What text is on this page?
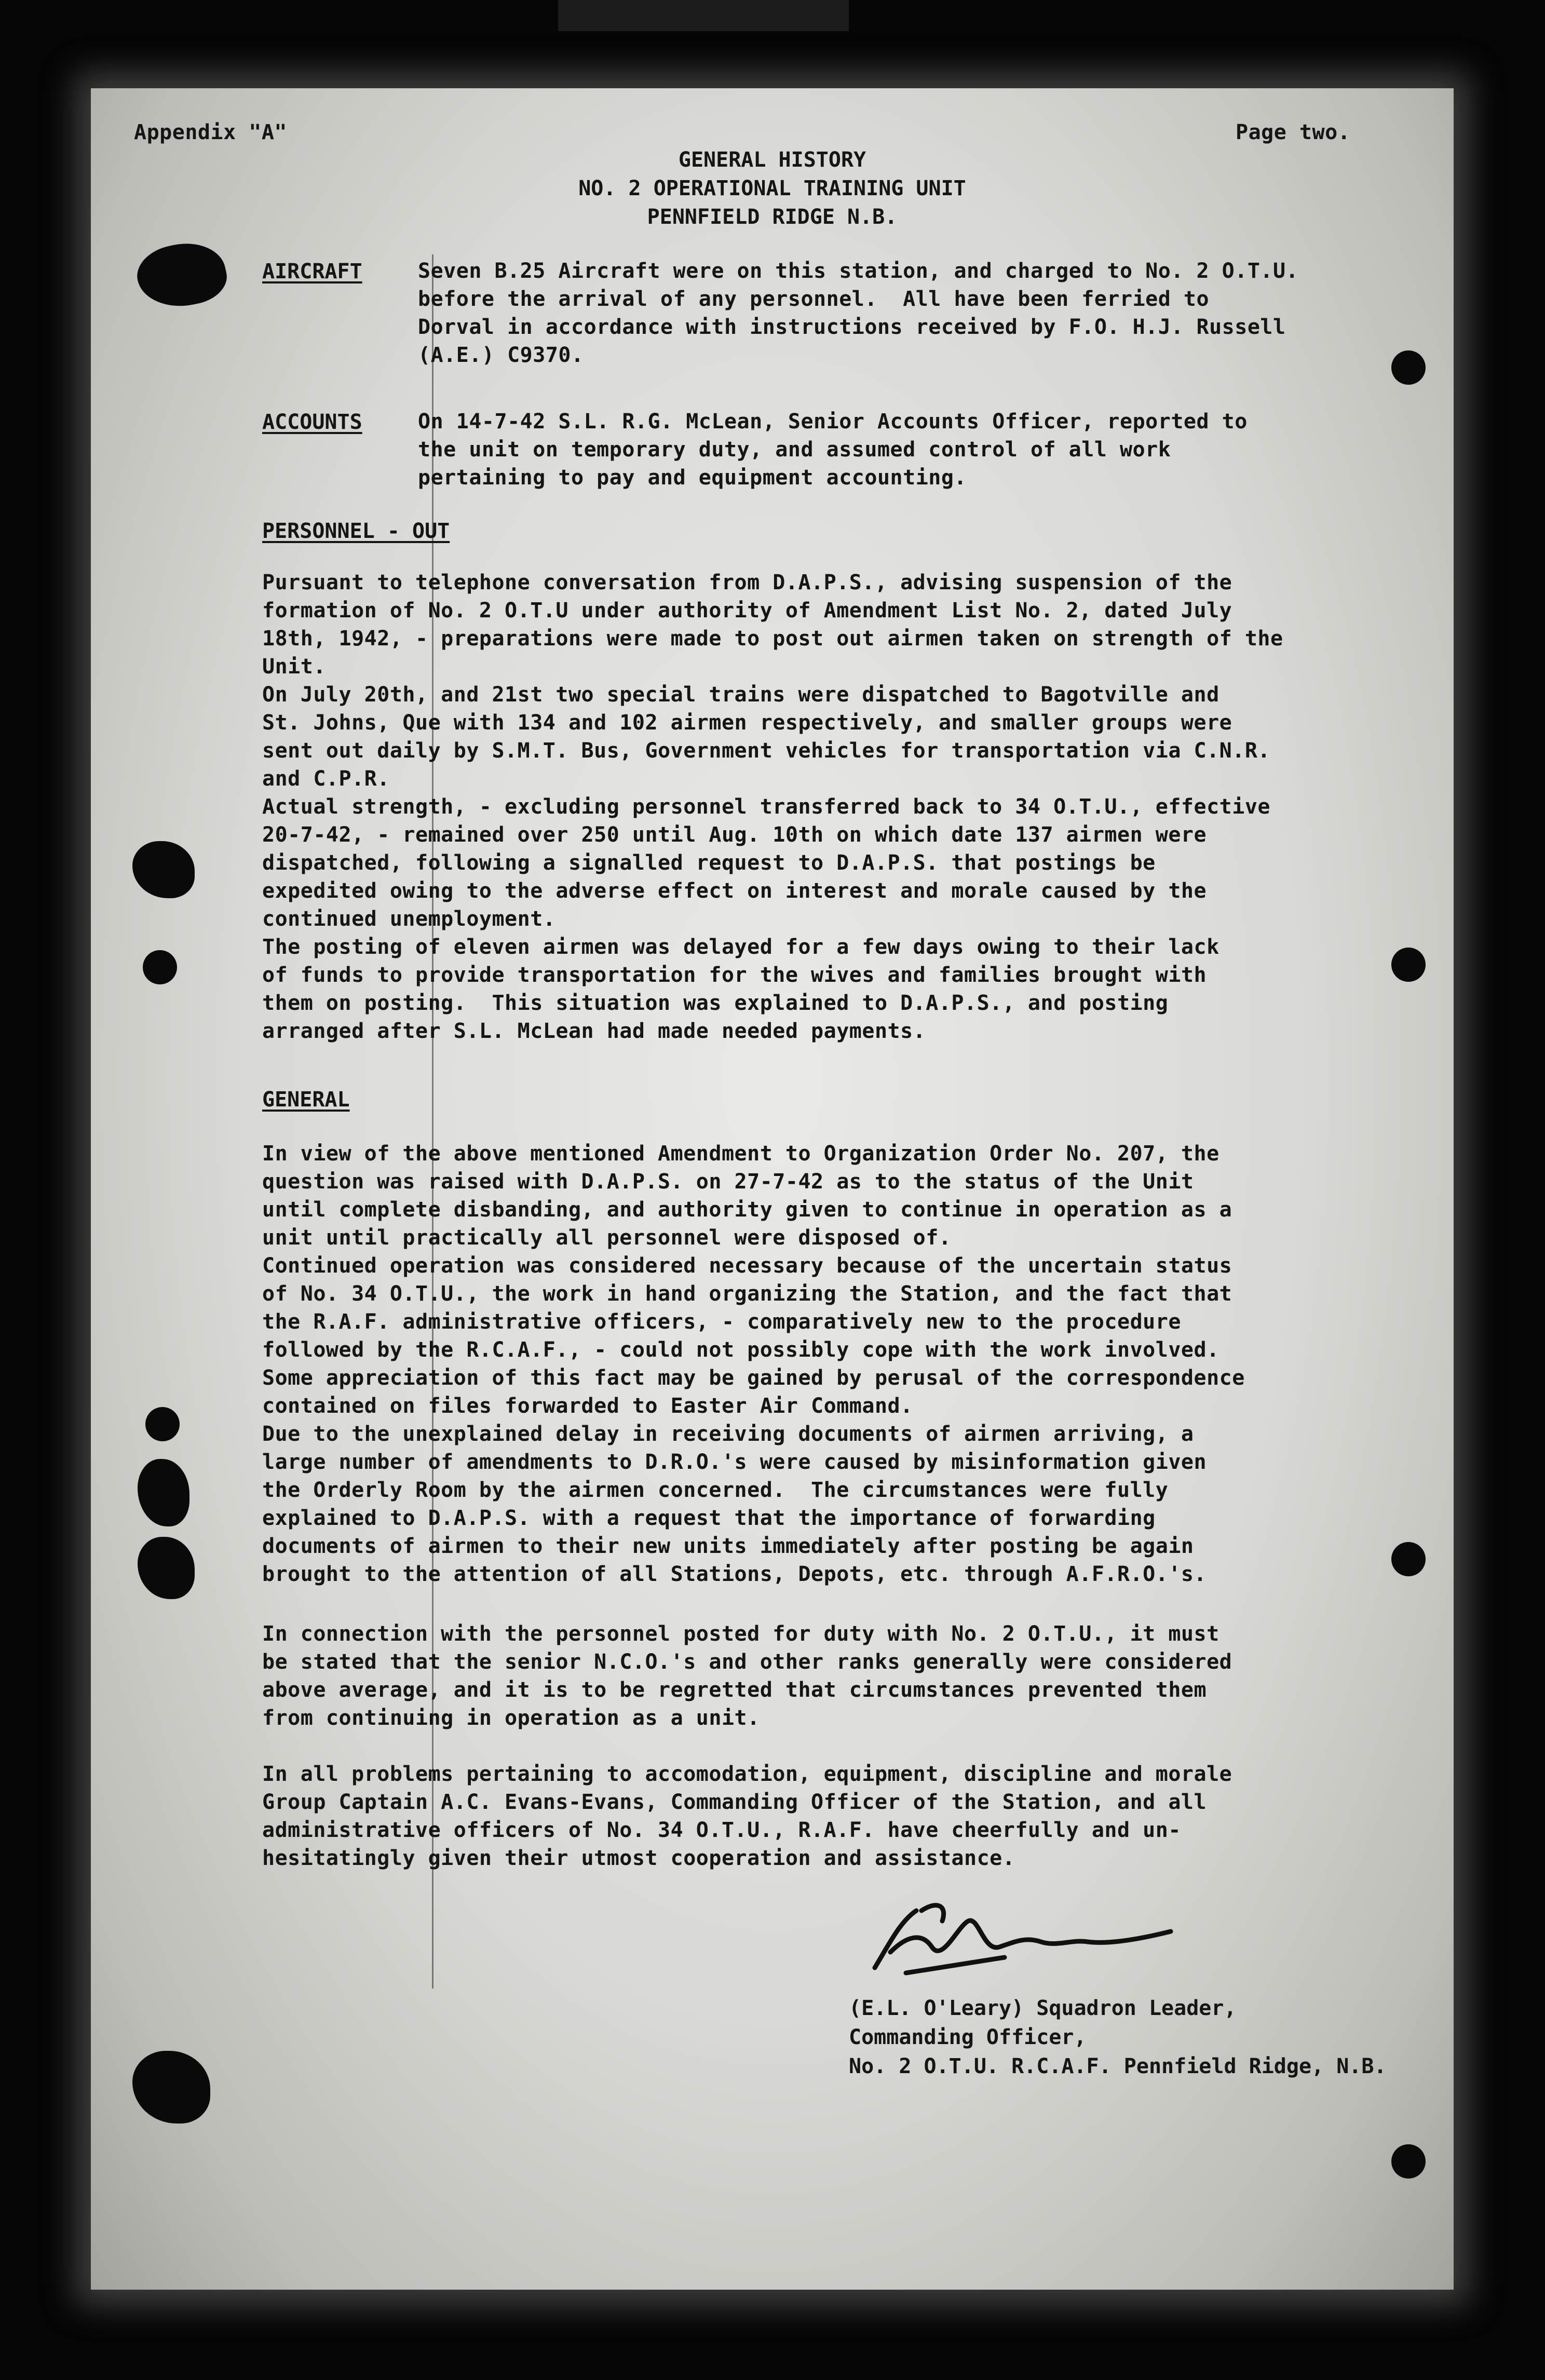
Appendix "A"	Page two.
GENERAL HISTORY
NO. 2 OPERATIONAL TRAINING UNIT
PENNFIELD RIDGE N.B.
AIRCRAFT	Seven B.25 Aircraft were on this station, and charged to No. 2 O.T.U.
before the arrival of any personnel.  All have been ferried to
Dorval in accordance with instructions received by F.O. H.J. Russell
(A.E.) C9370.
ACCOUNTS	On 14-7-42 S.L. R.G. McLean, Senior Accounts Officer, reported to
the unit on temporary duty, and assumed control of all work
pertaining to pay and equipment accounting.
PERSONNEL - OUT
Pursuant to telephone conversation from D.A.P.S., advising suspension of the
formation of No. 2 O.T.U under authority of Amendment List No. 2, dated July
18th, 1942, - preparations were made to post out airmen taken on strength of the
Unit.
On July 20th, and 21st two special trains were dispatched to Bagotville and
St. Johns, Que with 134 and 102 airmen respectively, and smaller groups were
sent out daily by S.M.T. Bus, Government vehicles for transportation via C.N.R.
and C.P.R.
Actual strength, - excluding personnel transferred back to 34 O.T.U., effective
20-7-42, - remained over 250 until Aug. 10th on which date 137 airmen were
dispatched, following a signalled request to D.A.P.S. that postings be
expedited owing to the adverse effect on interest and morale caused by the
continued unemployment.
The posting of eleven airmen was delayed for a few days owing to their lack
of funds to provide transportation for the wives and families brought with
them on posting.  This situation was explained to D.A.P.S., and posting
arranged after S.L. McLean had made needed payments.
GENERAL
In view of the above mentioned Amendment to Organization Order No. 207, the
question was raised with D.A.P.S. on 27-7-42 as to the status of the Unit
until complete disbanding, and authority given to continue in operation as a
unit until practically all personnel were disposed of.
Continued operation was considered necessary because of the uncertain status
of No. 34 O.T.U., the work in hand organizing the Station, and the fact that
the R.A.F. administrative officers, - comparatively new to the procedure
followed by the R.C.A.F., - could not possibly cope with the work involved.
Some appreciation of this fact may be gained by perusal of the correspondence
contained on files forwarded to Easter Air Command.
Due to the unexplained delay in receiving documents of airmen arriving, a
large number of amendments to D.R.O.'s were caused by misinformation given
the Orderly Room by the airmen concerned.  The circumstances were fully
explained to D.A.P.S. with a request that the importance of forwarding
documents of airmen to their new units immediately after posting be again
brought to the attention of all Stations, Depots, etc. through A.F.R.O.'s.
In connection with the personnel posted for duty with No. 2 O.T.U., it must
be stated that the senior N.C.O.'s and other ranks generally were considered
above average, and it is to be regretted that circumstances prevented them
from continuing in operation as a unit.
In all problems pertaining to accomodation, equipment, discipline and morale
Group Captain A.C. Evans-Evans, Commanding Officer of the Station, and all
administrative officers of No. 34 O.T.U., R.A.F. have cheerfully and un-
hesitatingly given their utmost cooperation and assistance.
(E.L. O'Leary) Squadron Leader,
Commanding Officer,
No. 2 O.T.U. R.C.A.F. Pennfield Ridge, N.B.
